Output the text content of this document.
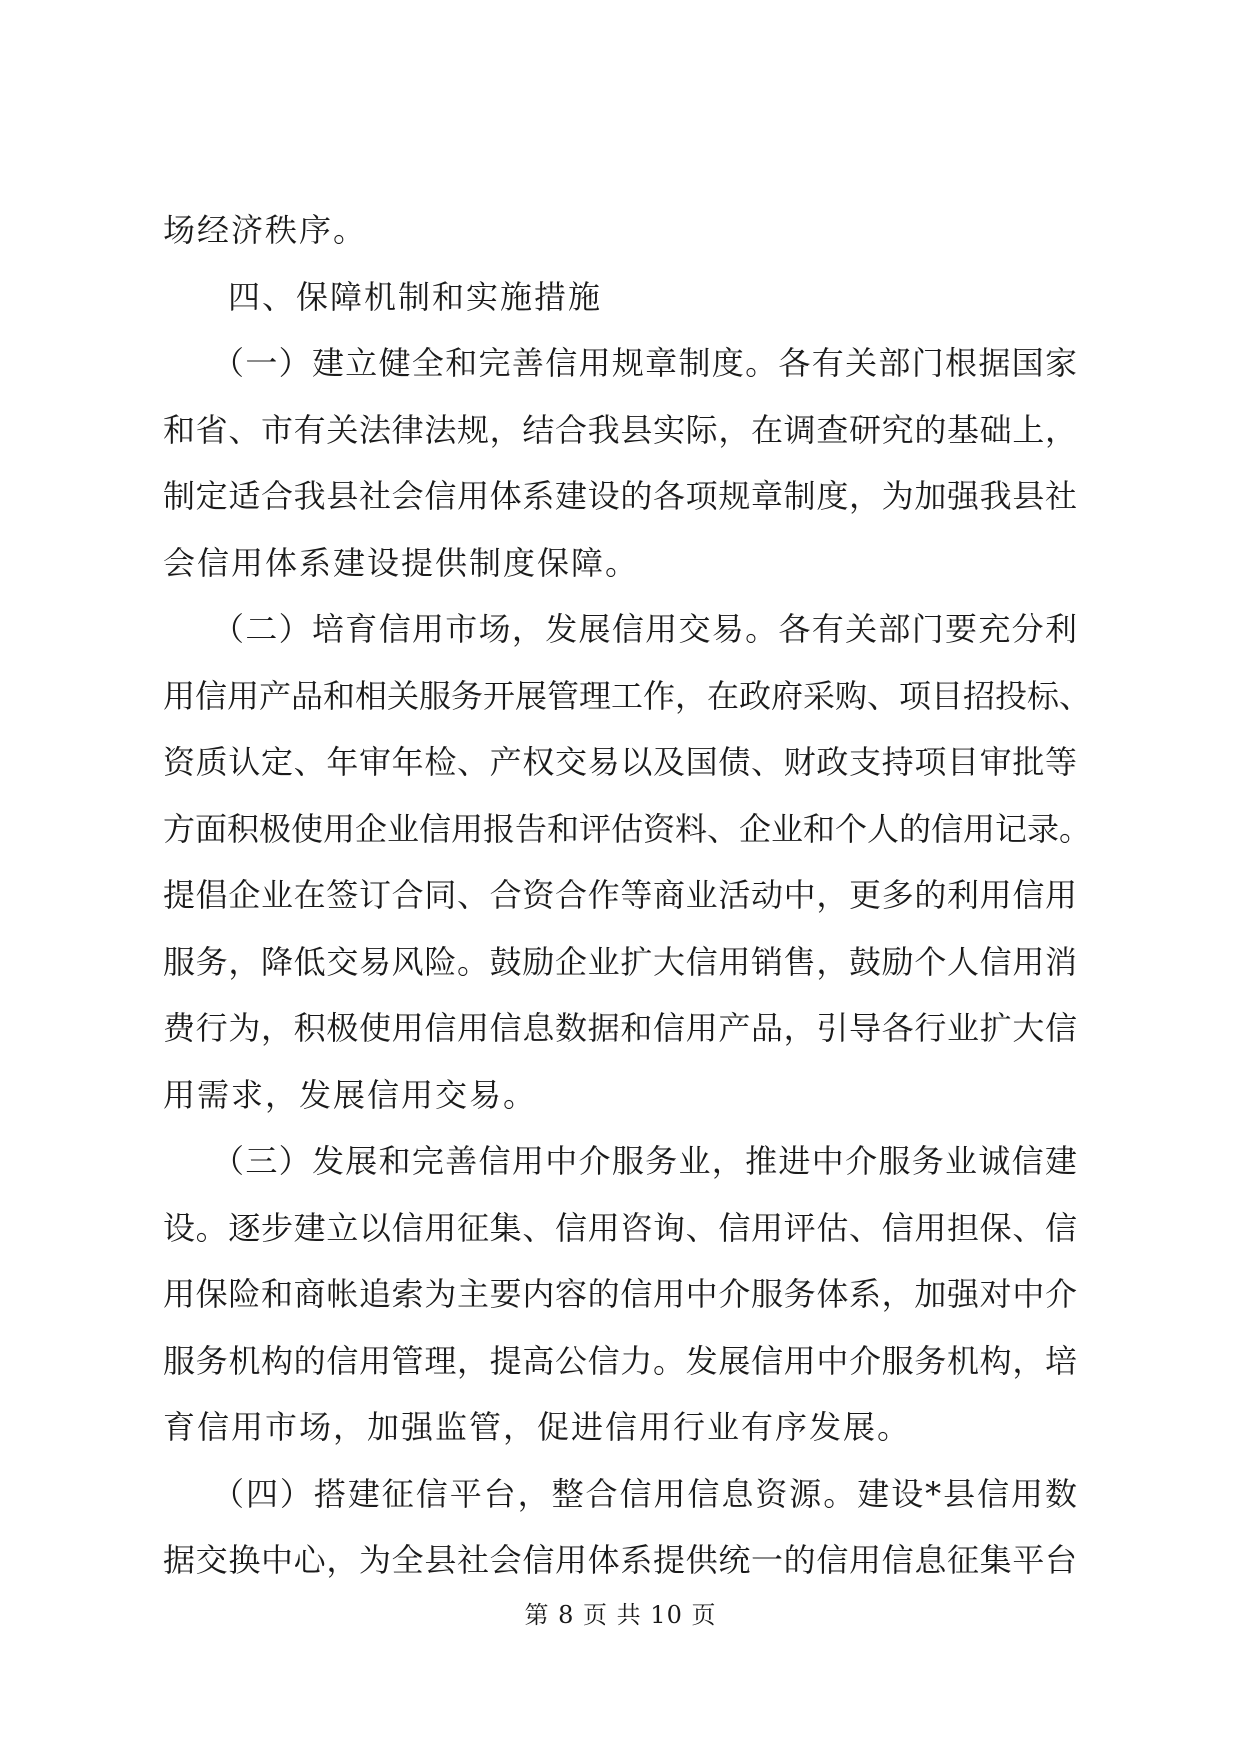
场经济秩序。
四、保障机制和实施措施
（一）建立健全和完善信用规章制度。各有关部门根据国家
和省、市有关法律法规，结合我县实际，在调查研究的基础上，
制定适合我县社会信用体系建设的各项规章制度，为加强我县社
会信用体系建设提供制度保障。
（二）培育信用市场，发展信用交易。各有关部门要充分利
用信用产品和相关服务开展管理工作，在政府采购、项目招投标、
资质认定、年审年检、产权交易以及国债、财政支持项目审批等
方面积极使用企业信用报告和评估资料、企业和个人的信用记录。
提倡企业在签订合同、合资合作等商业活动中，更多的利用信用
服务，降低交易风险。鼓励企业扩大信用销售，鼓励个人信用消
费行为，积极使用信用信息数据和信用产品，引导各行业扩大信
用需求，发展信用交易。
（三）发展和完善信用中介服务业，推进中介服务业诚信建
设。逐步建立以信用征集、信用咨询、信用评估、信用担保、信
用保险和商帐追索为主要内容的信用中介服务体系，加强对中介
服务机构的信用管理，提高公信力。发展信用中介服务机构，培
育信用市场，加强监管，促进信用行业有序发展。
（四）搭建征信平台，整合信用信息资源。建设*县信用数
第 8 页 共 10 页
据交换中心，为全县社会信用体系提供统一的信用信息征集平台
